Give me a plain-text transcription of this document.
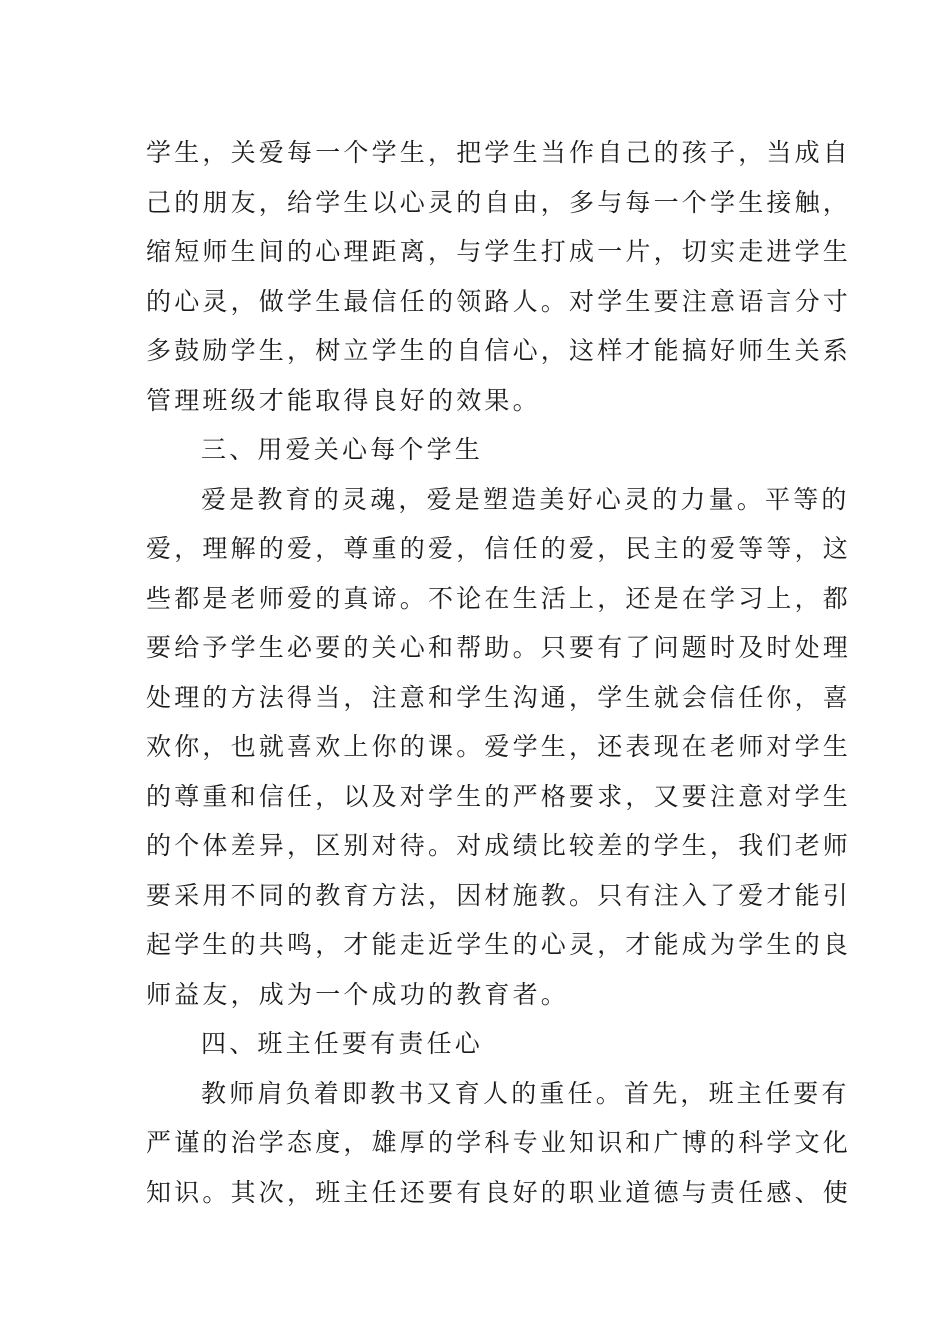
学生，关爱每一个学生，把学生当作自己的孩子，当成自
己的朋友，给学生以心灵的自由，多与每一个学生接触，
缩短师生间的心理距离，与学生打成一片，切实走进学生
的心灵，做学生最信任的领路人。对学生要注意语言分寸
多鼓励学生，树立学生的自信心，这样才能搞好师生关系
管理班级才能取得良好的效果。
三、用爱关心每个学生
爱是教育的灵魂，爱是塑造美好心灵的力量。平等的
爱，理解的爱，尊重的爱，信任的爱，民主的爱等等，这
些都是老师爱的真谛。不论在生活上，还是在学习上，都
要给予学生必要的关心和帮助。只要有了问题时及时处理
处理的方法得当，注意和学生沟通，学生就会信任你，喜
欢你，也就喜欢上你的课。爱学生，还表现在老师对学生
的尊重和信任，以及对学生的严格要求，又要注意对学生
的个体差异，区别对待。对成绩比较差的学生，我们老师
要采用不同的教育方法，因材施教。只有注入了爱才能引
起学生的共鸣，才能走近学生的心灵，才能成为学生的良
师益友，成为一个成功的教育者。
四、班主任要有责任心
教师肩负着即教书又育人的重任。首先，班主任要有
严谨的治学态度，雄厚的学科专业知识和广博的科学文化
知识。其次，班主任还要有良好的职业道德与责任感、使
